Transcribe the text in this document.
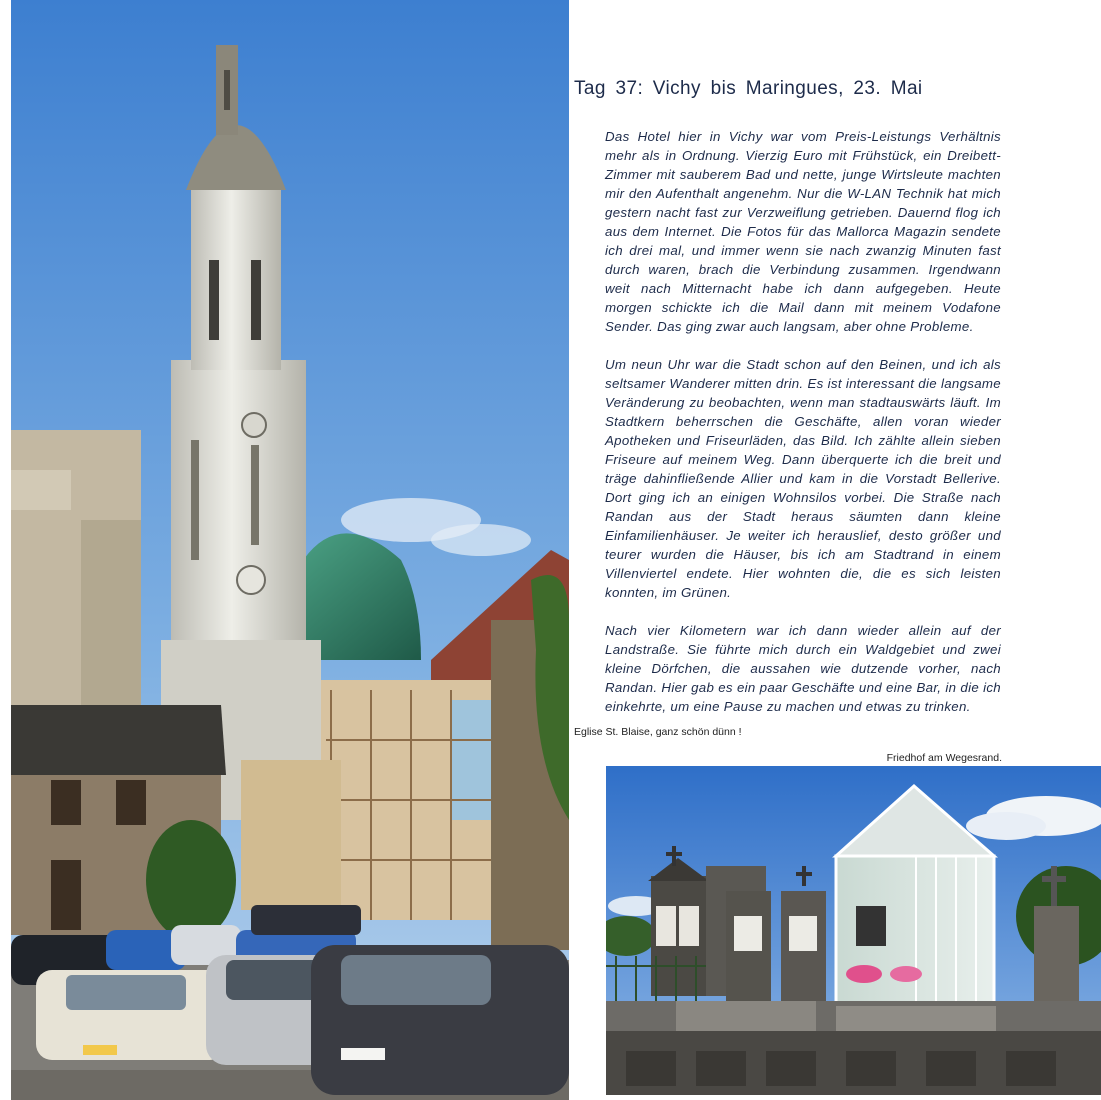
Tag 37: Vichy bis Maringues, 23. Mai

Das Hotel hier in Vichy war vom Preis-Leistungs Verhältnis mehr als in Ordnung. Vierzig Euro mit Frühstück, ein Dreibett-Zimmer mit sauberem Bad und nette, junge Wirtsleute machten mir den Aufenthalt angenehm. Nur die W-LAN Technik hat mich gestern nacht fast zur Verzweiflung getrieben. Dauernd flog ich aus dem Internet. Die Fotos für das Mallorca Magazin sendete ich drei mal, und immer wenn sie nach zwanzig Minuten fast durch waren, brach die Verbindung zusammen. Irgendwann weit nach Mitternacht habe ich dann aufgegeben. Heute morgen schickte ich die Mail dann mit meinem Vodafone Sender. Das ging zwar auch langsam, aber ohne Probleme.

Um neun Uhr war die Stadt schon auf den Beinen, und ich als seltsamer Wanderer mitten drin. Es ist interessant die langsame Veränderung zu beobachten, wenn man stadtauswärts läuft. Im Stadtkern beherrschen die Geschäfte, allen voran wieder Apotheken und Friseurläden, das Bild. Ich zählte allein sieben Friseure auf meinem Weg. Dann überquerte ich die breit und träge dahinfließende Allier und kam in die Vorstadt Bellerive. Dort ging ich an einigen Wohnsilos vorbei. Die Straße nach Randan aus der Stadt heraus säumten dann kleine Einfamilienhäuser. Je weiter ich herauslief, desto größer und teurer wurden die Häuser, bis ich am Stadtrand in einem Villenviertel endete. Hier wohnten die, die es sich leisten konnten, im Grünen.

Nach vier Kilometern war ich dann wieder allein auf der Landstraße. Sie führte mich durch ein Waldgebiet und zwei kleine Dörfchen, die aussahen wie dutzende vorher, nach Randan. Hier gab es ein paar Geschäfte und eine Bar, in die ich einkehrte, um eine Pause zu machen und etwas zu trinken.

Eglise St. Blaise, ganz schön dünn !
Friedhof am Wegesrand.
